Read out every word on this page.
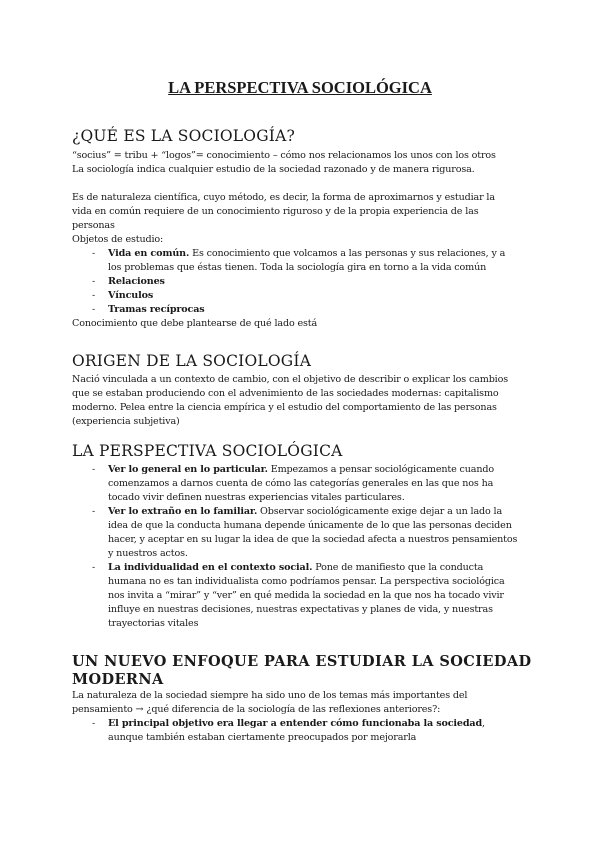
LA PERSPECTIVA SOCIOLÓGICA
¿QUÉ ES LA SOCIOLOGÍA?
“socius” = tribu + “logos”= conocimiento – cómo nos relacionamos los unos con los otros
La sociología indica cualquier estudio de la sociedad razonado y de manera rigurosa.

Es de naturaleza científica, cuyo método, es decir, la forma de aproximarnos y estudiar la
vida en común requiere de un conocimiento riguroso y de la propia experiencia de las
personas
Objetos de estudio:
- Vida en común. Es conocimiento que volcamos a las personas y sus relaciones, y a
los problemas que éstas tienen. Toda la sociología gira en torno a la vida común
- Relaciones
- Vínculos
- Tramas recíprocas
Conocimiento que debe plantearse de qué lado está
ORIGEN DE LA SOCIOLOGÍA
Nació vinculada a un contexto de cambio, con el objetivo de describir o explicar los cambios
que se estaban produciendo con el advenimiento de las sociedades modernas: capitalismo
moderno. Pelea entre la ciencia empírica y el estudio del comportamiento de las personas
(experiencia subjetiva)
LA PERSPECTIVA SOCIOLÓGICA
- Ver lo general en lo particular. Empezamos a pensar sociológicamente cuando
comenzamos a darnos cuenta de cómo las categorías generales en las que nos ha
tocado vivir definen nuestras experiencias vitales particulares.
- Ver lo extraño en lo familiar. Observar sociológicamente exige dejar a un lado la
idea de que la conducta humana depende únicamente de lo que las personas deciden
hacer, y aceptar en su lugar la idea de que la sociedad afecta a nuestros pensamientos
y nuestros actos.
- La individualidad en el contexto social. Pone de manifiesto que la conducta
humana no es tan individualista como podríamos pensar. La perspectiva sociológica
nos invita a “mirar” y “ver” en qué medida la sociedad en la que nos ha tocado vivir
influye en nuestras decisiones, nuestras expectativas y planes de vida, y nuestras
trayectorias vitales
UN NUEVO ENFOQUE PARA ESTUDIAR LA SOCIEDAD
MODERNA
La naturaleza de la sociedad siempre ha sido uno de los temas más importantes del
pensamiento → ¿qué diferencia de la sociología de las reflexiones anteriores?:
- El principal objetivo era llegar a entender cómo funcionaba la sociedad,
aunque también estaban ciertamente preocupados por mejorarla
